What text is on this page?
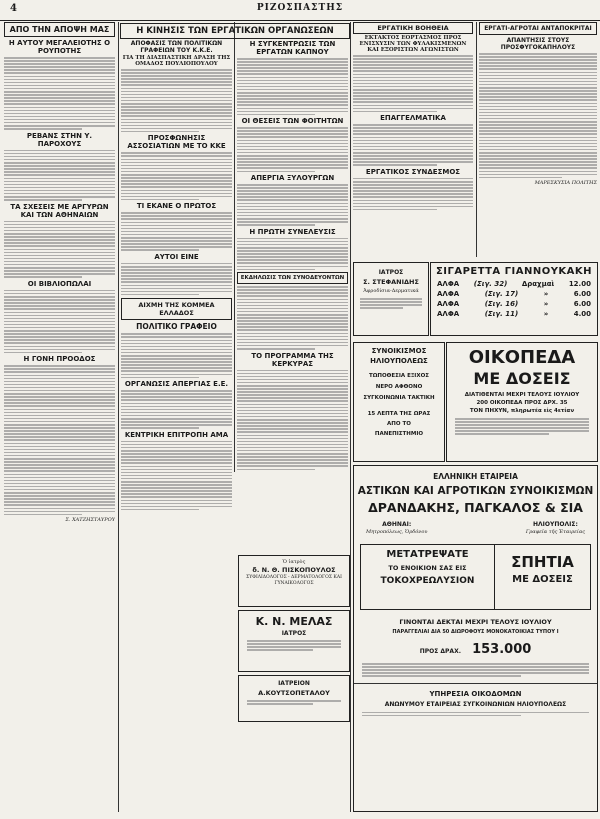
4	ΡΙΖΟΣΠΑΣΤΗΣ
ΑΠΟ ΤΗΝ ΑΠΟΨΗ ΜΑΣ
Η ΑΥΤΟΥ ΜΕΓΑΛΕΙΟΤΗΣ Ο ΡΟΥΠΟΤΗΣ
ΡΕΒΑΝΣ ΣΤΗΝ Υ. ΠΑΡΟΧΟΥΣ
ΤΑ ΣΧΕΣΕΙΣ ΜΕ ΑΡΓΥΡΩΝ ΚΑΙ ΤΩΝ ΑΘΗΝΑΙΩΝ
ΟΙ ΒΙΒΛΙΟΠΩΛΑΙ
Η ΓΟΝΗ ΠΡΟΟΔΟΣ
Σ. ΧΑΤΖΗΣΤΑΥΡΟΥ
Η ΚΙΝΗΣΙΣ ΤΩΝ ΕΡΓΑΤΙΚΩΝ ΟΡΓΑΝΩΣΕΩΝ
ΑΠΟΦΑΣΙΣ ΤΩΝ ΠΟΛΙΤΙΚΩΝ ΓΡΑΦΕΙΩΝ ΤΟΥ Κ.Κ.Ε.
ΓΙΑ ΤΗ ΔΙΑΣΠΑΣΤΙΚΗ ΔΡΑΣΗ ΤΗΣ ΟΜΑΔΟΣ ΠΟΥΛΙΟΠΟΥΛΟΥ
ΠΡΟΣΦΩΝΗΣΙΣ ΑΣΣΟΣΙΑΤΙΩΝ ΜΕ ΤΟ ΚΚΕ
ΤΙ ΕΚΑΝΕ Ο ΠΡΩΤΟΣ
ΑΥΤΟΙ ΕΙΝΕ
ΑΙΧΜΗ ΤΗΣ ΚΟΜΜΕΑ ΕΛΛΑΔΟΣ
ΠΟΛΙΤΙΚΟ ΓΡΑΦΕΙΟ
ΟΡΓΑΝΩΣΙΣ ΑΠΕΡΓΙΑΣ Ε.Ε.
ΚΕΝΤΡΙΚΗ ΕΠΙΤΡΟΠΗ ΑΜΑ
Η ΣΥΓΚΕΝΤΡΩΣΙΣ ΤΩΝ ΕΡΓΑΤΩΝ ΚΑΠΝΟΥ
ΟΙ ΘΕΣΕΙΣ ΤΩΝ ΦΟΙΤΗΤΩΝ
ΑΠΕΡΓΙΑ ΞΥΛΟΥΡΓΩΝ
Η ΠΡΩΤΗ ΣΥΝΕΛΕΥΣΙΣ
ΕΚΔΗΛΩΣΙΣ ΤΩΝ ΣΥΝΟΔΕΥΟΝΤΩΝ
ΤΟ ΠΡΟΓΡΑΜΜΑ ΤΗΣ ΚΕΡΚΥΡΑΣ
ΕΡΓΑΤΙΚΗ ΒΟΗΘΕΙΑ
ΕΚΤΑΚΤΟΣ ΕΟΡΤΑΣΜΟΣ ΠΡΟΣ ΕΝΙΣΧΥΣΙΝ ΤΩΝ ΦΥΛΑΚΙΣΜΕΝΩΝ ΚΑΙ ΕΞΟΡΙΣΤΩΝ ΑΓΩΝΙΣΤΩΝ
ΕΠΑΓΓΕΛΜΑΤΙΚΑ
ΕΡΓΑΤΙΚΟΣ ΣΥΝΔΕΣΜΟΣ
ΕΡΓΑΤΙ-ΑΓΡΟΤΑΙ ΑΝΤΑΠΟΚΡΙΤΑΙ
ΑΠΑΝΤΗΣΙΣ ΣΤΟΥΣ ΠΡΟΣΦΥΓΟΚΑΠΗΛΟΥΣ
ΜΑΡΕΣΚΥΣΙΑ ΠΟΛΙΤΗΣ
ΣΙΓΑΡΕΤΤΑ ΓΙΑΝΝΟΥΚΑΚΗ
ΑΛΦΑ (Σιγ. 32) Δραχμαὶ 12.00
ΑΛΦΑ	(Σιγ. 17)	»	6.00
ΑΛΦΑ	(Σιγ. 16)	»	6.00
ΑΛΦΑ	(Σιγ. 11)	»	4.00
ΙΑΤΡΟΣ
Σ. ΣΤΕΦΑΝΙΔΗΣ
Ἀφροδίσια-Δερματικά
ΣΥΝΟΙΚΙΣΜΟΣ
ΗΛΙΟΥΠΟΛΕΩΣ
ΤΩΠΟΘΕΣΙΑ ΕΞΙΧΟΣ
ΝΕΡΟ ΑΦΘΟΝΟ
ΣΥΓΚΟΙΝΩΝΙΑ ΤΑΚΤΙΚΗ
15 ΛΕΠΤΑ ΤΗΣ ΩΡΑΣ
ΑΠΟ ΤΟ
ΠΑΝΕΠΙΣΤΗΜΙΟ
ΟΙΚΟΠΕΔΑ
ΜΕ ΔΟΣΕΙΣ
ΔΙΑΤΙΘΕΝΤΑΙ ΜΕΧΡΙ ΤΕΛΟΥΣ ΙΟΥΛΙΟΥ
200 ΟΙΚΟΠΕΔΑ ΠΡΟΣ ΔΡΧ. 35
ΤΟΝ ΠΗΧΥΝ, πληρωτέα εἰς 4ετίαν
Ὁ ἰατρὸς
δ. Ν. Θ. ΠΙΣΚΟΠΟΥΛΟΣ
ΣΥΦΙΛΙΔΟΛΟΓΟΣ - ΔΕΡΜΑΤΟΛΟΓΟΣ ΚΑΙ ΓΥΝΑΙΚΟΛΟΓΟΣ
Κ. Ν. ΜΕΛΑΣ
ΙΑΤΡΟΣ
ΙΑΤΡΕΙΟΝ
Α.ΚΟΥΤΣΟΠΕΤΑΛΟΥ
ΕΛΛΗΝΙΚΗ ΕΤΑΙΡΕΙΑ
ΑΣΤΙΚΩΝ ΚΑΙ ΑΓΡΟΤΙΚΩΝ ΣΥΝΟΙΚΙΣΜΩΝ
ΔΡΑΝΔΑΚΗΣ, ΠΑΓΚΑΛΟΣ & ΣΙΑ
ΑΘΗΝΑΙ:
Μητροπόλεως, Ὁρδόνου
ΗΛΙΟΥΠΟΛΙΣ:
Γραφεῖα τῆς Ἑταιρείας
ΜΕΤΑΤΡΕΨΑΤΕ
ΤΟ ΕΝΟΙΚΙΟΝ ΣΑΣ ΕΙΣ
ΤΟΚΟΧΡΕΩΛΥΣΙΟΝ
ΣΠΗΤΙΑ
ΜΕ ΔΟΣΕΙΣ
ΓΙΝΟΝΤΑΙ ΔΕΚΤΑΙ ΜΕΧΡΙ ΤΕΛΟΥΣ ΙΟΥΛΙΟΥ
ΠΑΡΑΓΓΕΛΙΑΙ ΔΙΑ 50 ΔΙΩΡΟΦΟΥΣ ΜΟΝΟΚΑΤΟΙΚΙΑΣ ΤΥΠΟΥ Ι
ΠΡΟΣ ΔΡΑΧ. 153.000
ΥΠΗΡΕΣΙΑ ΟΙΚΟΔΟΜΩΝ
ΑΝΩΝΥΜΟΥ ΕΤΑΙΡΕΙΑΣ ΣΥΓΚΟΙΝΩΝΙΩΝ ΗΛΙΟΥΠΟΛΕΩΣ
